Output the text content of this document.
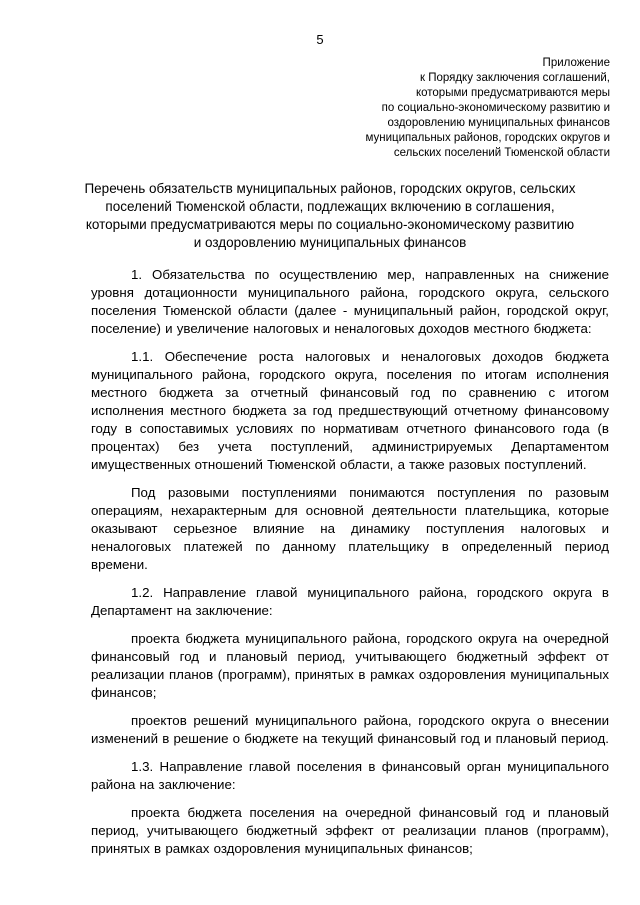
5
Приложение
к Порядку заключения соглашений,
которыми предусматриваются меры
по социально-экономическому развитию и
оздоровлению муниципальных финансов
муниципальных районов, городских округов и
сельских поселений Тюменской области
Перечень обязательств муниципальных районов, городских округов, сельских
поселений Тюменской области, подлежащих включению в соглашения,
которыми предусматриваются меры по социально-экономическому развитию
и оздоровлению муниципальных финансов

1. Обязательства по осуществлению мер, направленных на снижение уровня дотационности муниципального района, городского округа, сельского поселения Тюменской области (далее - муниципальный район, городской округ, поселение) и увеличение налоговых и неналоговых доходов местного бюджета:

1.1. Обеспечение роста налоговых и неналоговых доходов бюджета муниципального района, городского округа, поселения по итогам исполнения местного бюджета за отчетный финансовый год по сравнению с итогом исполнения местного бюджета за год предшествующий отчетному финансовому году в сопоставимых условиях по нормативам отчетного финансового года (в процентах) без учета поступлений, администрируемых Департаментом имущественных отношений Тюменской области, а также разовых поступлений.

Под разовыми поступлениями понимаются поступления по разовым операциям, нехарактерным для основной деятельности плательщика, которые оказывают серьезное влияние на динамику поступления налоговых и неналоговых платежей по данному плательщику в определенный период времени.

1.2. Направление главой муниципального района, городского округа в Департамент на заключение:

проекта бюджета муниципального района, городского округа на очередной финансовый год и плановый период, учитывающего бюджетный эффект от реализации планов (программ), принятых в рамках оздоровления муниципальных финансов;

проектов решений муниципального района, городского округа о внесении изменений в решение о бюджете на текущий финансовый год и плановый период.

1.3. Направление главой поселения в финансовый орган муниципального района на заключение:

проекта бюджета поселения на очередной финансовый год и плановый период, учитывающего бюджетный эффект от реализации планов (программ), принятых в рамках оздоровления муниципальных финансов;
